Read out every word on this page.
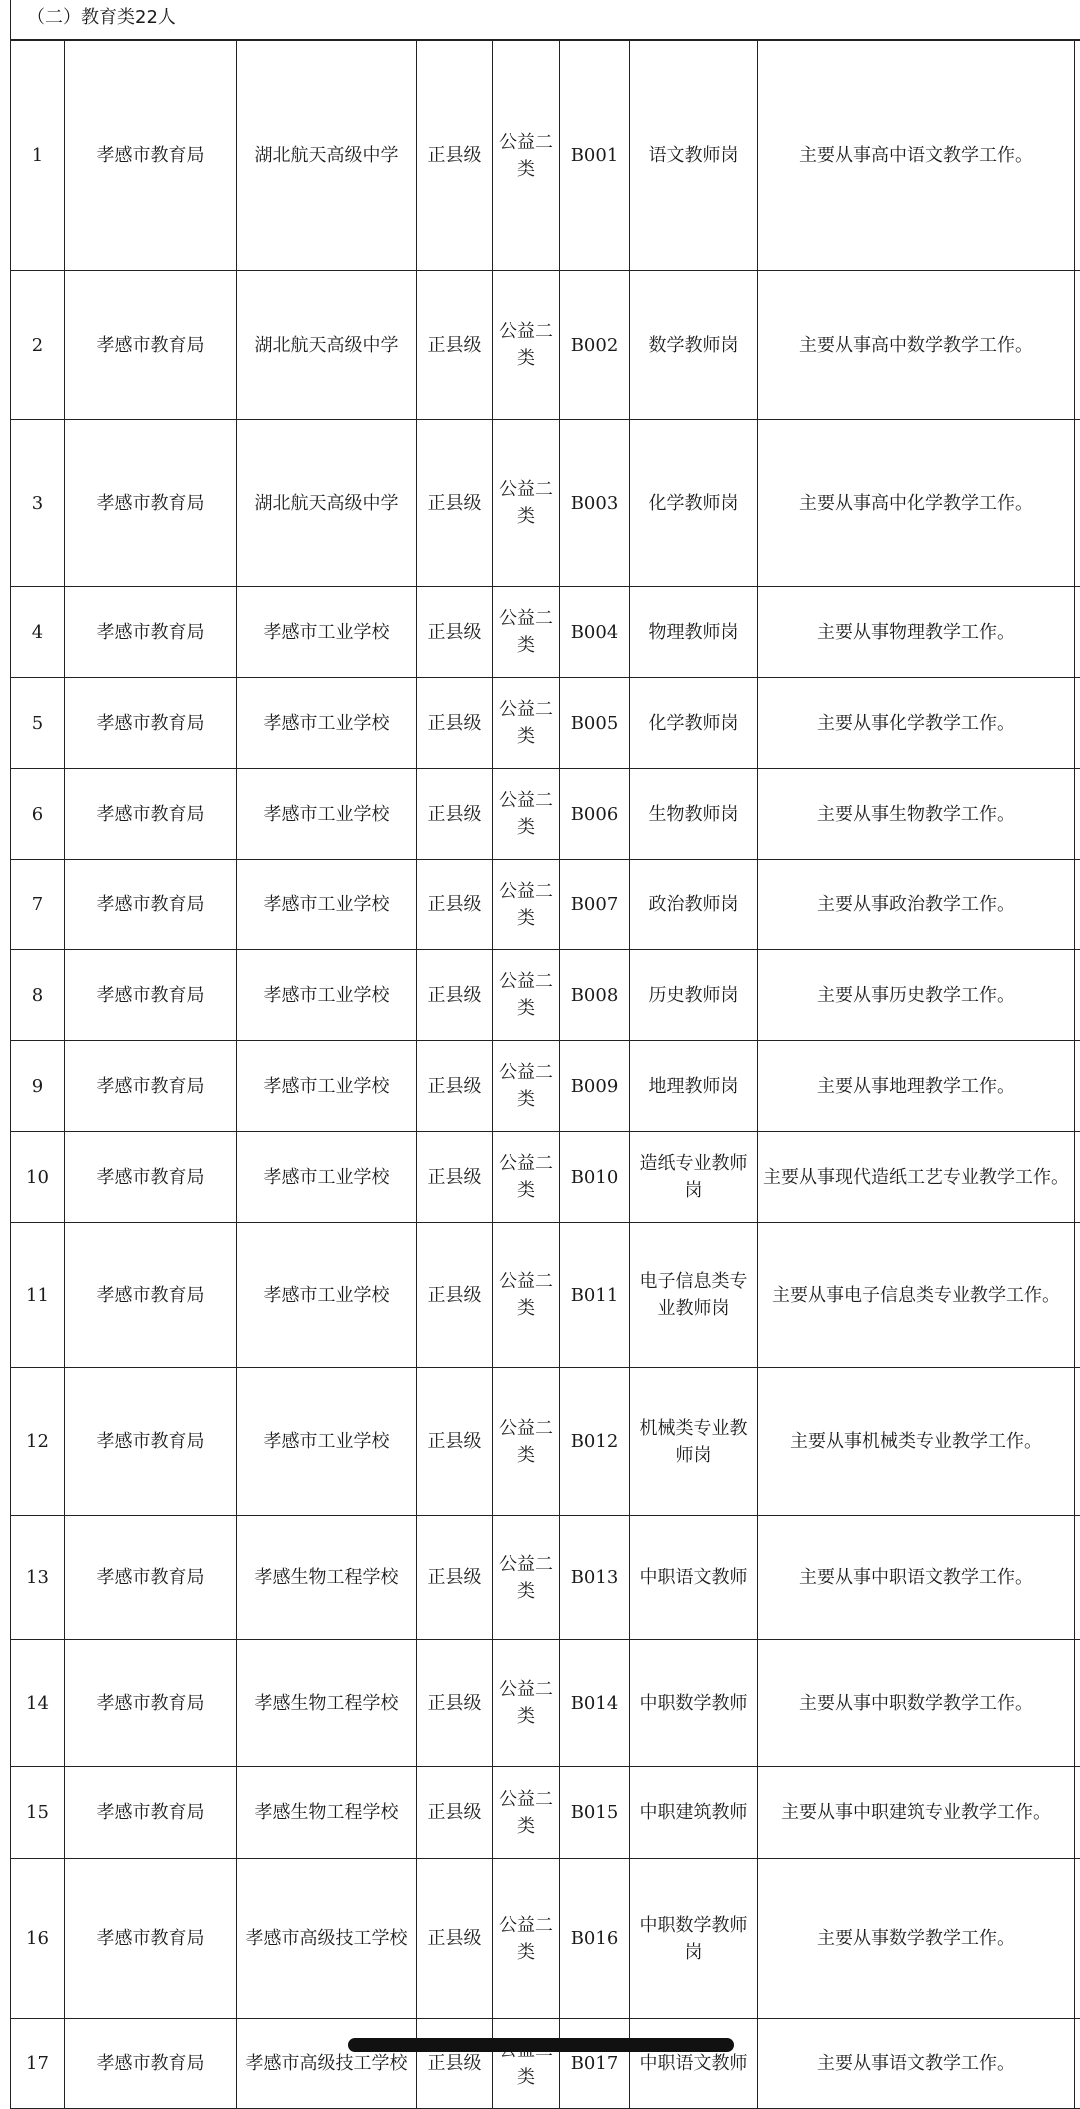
（二）教育类22人
1	孝感市教育局	湖北航天高级中学	正县级	公益二类	B001	语文教师岗	主要从事高中语文教学工作。	
2	孝感市教育局	湖北航天高级中学	正县级	公益二类	B002	数学教师岗	主要从事高中数学教学工作。	
3	孝感市教育局	湖北航天高级中学	正县级	公益二类	B003	化学教师岗	主要从事高中化学教学工作。	
4	孝感市教育局	孝感市工业学校	正县级	公益二类	B004	物理教师岗	主要从事物理教学工作。	
5	孝感市教育局	孝感市工业学校	正县级	公益二类	B005	化学教师岗	主要从事化学教学工作。	
6	孝感市教育局	孝感市工业学校	正县级	公益二类	B006	生物教师岗	主要从事生物教学工作。	
7	孝感市教育局	孝感市工业学校	正县级	公益二类	B007	政治教师岗	主要从事政治教学工作。	
8	孝感市教育局	孝感市工业学校	正县级	公益二类	B008	历史教师岗	主要从事历史教学工作。	
9	孝感市教育局	孝感市工业学校	正县级	公益二类	B009	地理教师岗	主要从事地理教学工作。	
10	孝感市教育局	孝感市工业学校	正县级	公益二类	B010	造纸专业教师岗	主要从事现代造纸工艺专业教学工作。	
11	孝感市教育局	孝感市工业学校	正县级	公益二类	B011	电子信息类专业教师岗	主要从事电子信息类专业教学工作。	
12	孝感市教育局	孝感市工业学校	正县级	公益二类	B012	机械类专业教师岗	主要从事机械类专业教学工作。	
13	孝感市教育局	孝感生物工程学校	正县级	公益二类	B013	中职语文教师	主要从事中职语文教学工作。	
14	孝感市教育局	孝感生物工程学校	正县级	公益二类	B014	中职数学教师	主要从事中职数学教学工作。	
15	孝感市教育局	孝感生物工程学校	正县级	公益二类	B015	中职建筑教师	主要从事中职建筑专业教学工作。	
16	孝感市教育局	孝感市高级技工学校	正县级	公益二类	B016	中职数学教师岗	主要从事数学教学工作。	
17	孝感市教育局	孝感市高级技工学校	正县级	类	B017	中职语文教师	主要从事语文教学工作。	
